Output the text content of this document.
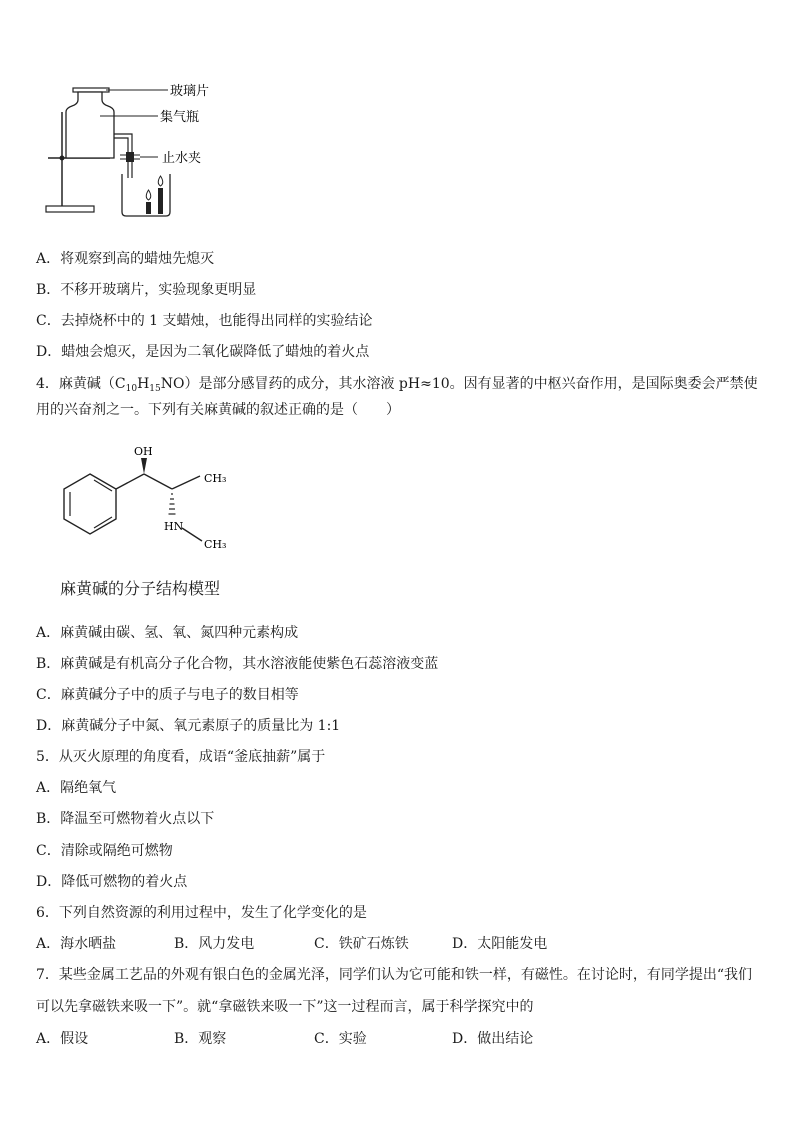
玻璃片
集气瓶
止水夹
A．将观察到高的蜡烛先熄灭
B．不移开玻璃片，实验现象更明显
C．去掉烧杯中的 1 支蜡烛，也能得出同样的实验结论
D．蜡烛会熄灭，是因为二氧化碳降低了蜡烛的着火点
4．麻黄碱$(C_{10}H_{15}NO)$是部分感冒药的成分，其水溶液 pH≈10。因有显著的中枢兴奋作用，是国际奥委会严禁使用的兴奋剂之一。下列有关麻黄碱的叙述正确的是（　　）
OH
CH₃
HN
CH₃
麻黄碱的分子结构模型
A．麻黄碱由碳、氢、氧、氮四种元素构成
B．麻黄碱是有机高分子化合物，其水溶液能使紫色石蕊溶液变蓝
C．麻黄碱分子中的质子与电子的数目相等
D．麻黄碱分子中氮、氧元素原子的质量比为 1:1
5．从灭火原理的角度看，成语“釜底抽薪”属于
A．隔绝氧气
B．降温至可燃物着火点以下
C．清除或隔绝可燃物
D．降低可燃物的着火点
6．下列自然资源的利用过程中，发生了化学变化的是
A．海水晒盐	B．风力发电	C．铁矿石炼铁	D．太阳能发电
7．某些金属工艺品的外观有银白色的金属光泽，同学们认为它可能和铁一样，有磁性。在讨论时，有同学提出“我们
可以先拿磁铁来吸一下”。就“拿磁铁来吸一下”这一过程而言，属于科学探究中的
A．假设	B．观察	C．实验	D．做出结论
